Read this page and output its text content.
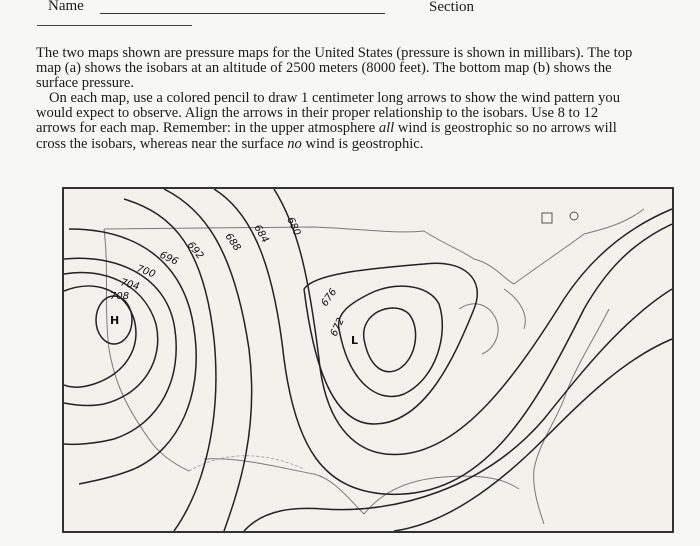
Name	Section

The two maps shown are pressure maps for the United States (pressure is shown in millibars). The top map (a) shows the isobars at an altitude of 2500 meters (8000 feet). The bottom map (b) shows the surface pressure.

On each map, use a colored pencil to draw 1 centimeter long arrows to show the wind pattern you would expect to observe. Align the arrows in their proper relationship to the isobars. Use 8 to 12 arrows for each map. Remember: in the upper atmosphere all wind is geostrophic so no arrows will cross the isobars, whereas near the surface no wind is geostrophic.

708
704
700
696 692 688 684 680
676
672
H
L
